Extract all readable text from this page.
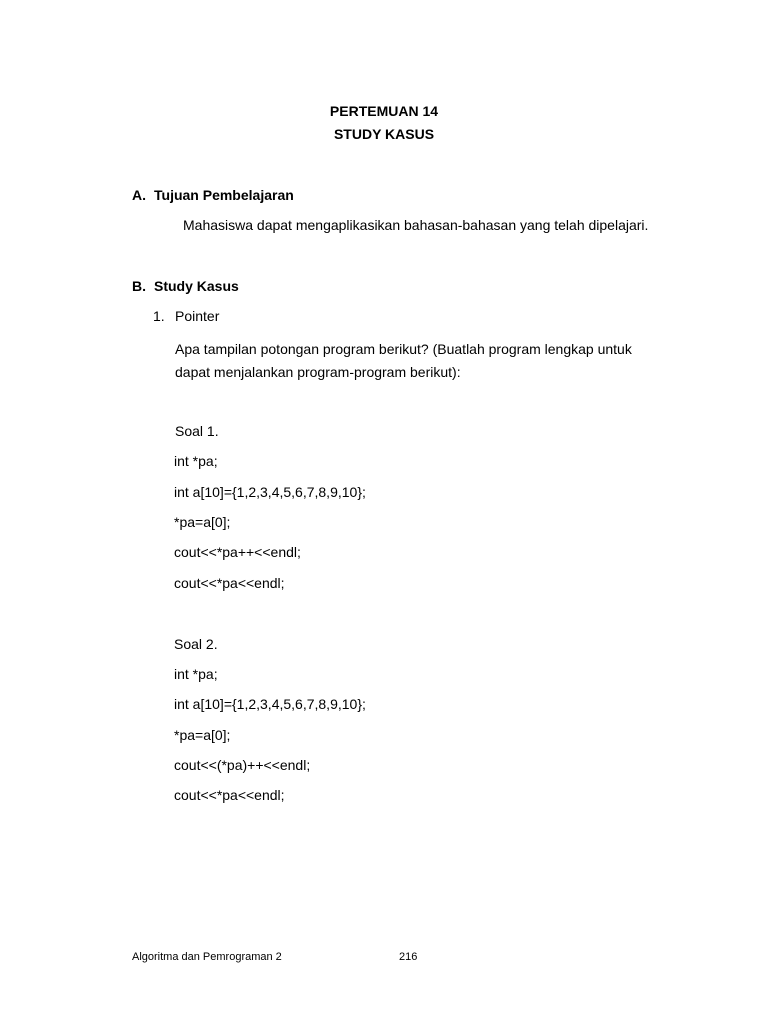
PERTEMUAN 14
STUDY KASUS
A. Tujuan Pembelajaran
Mahasiswa dapat mengaplikasikan bahasan-bahasan yang telah dipelajari.
B. Study Kasus
1. Pointer
Apa tampilan potongan program berikut? (Buatlah program lengkap untuk dapat menjalankan program-program berikut):
Soal 1.
int *pa;
int a[10]={1,2,3,4,5,6,7,8,9,10};
*pa=a[0];
cout<<*pa++<<endl;
cout<<*pa<<endl;
Soal 2.
int *pa;
int a[10]={1,2,3,4,5,6,7,8,9,10};
*pa=a[0];
cout<<(*pa)++<<endl;
cout<<*pa<<endl;
Algoritma dan Pemrograman 2	216
